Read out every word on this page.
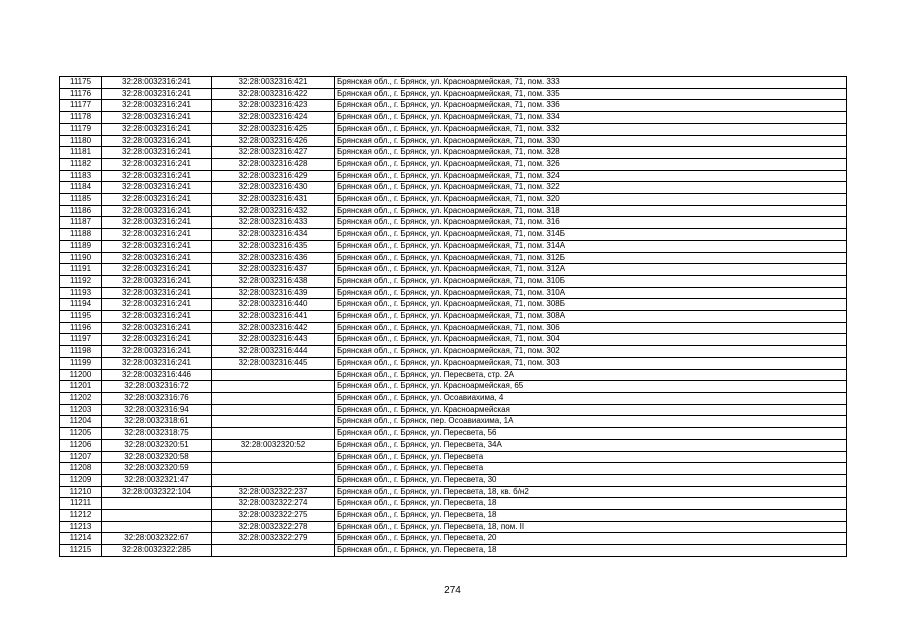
11175	32:28:0032316:241	32:28:0032316:421	Брянская обл., г. Брянск, ул. Красноармейская, 71, пом. 333
11176	32:28:0032316:241	32:28:0032316:422	Брянская обл., г. Брянск, ул. Красноармейская, 71, пом. 335
11177	32:28:0032316:241	32:28:0032316:423	Брянская обл., г. Брянск, ул. Красноармейская, 71, пом. 336
11178	32:28:0032316:241	32:28:0032316:424	Брянская обл., г. Брянск, ул. Красноармейская, 71, пом. 334
11179	32:28:0032316:241	32:28:0032316:425	Брянская обл., г. Брянск, ул. Красноармейская, 71, пом. 332
11180	32:28:0032316:241	32:28:0032316:426	Брянская обл., г. Брянск, ул. Красноармейская, 71, пом. 330
11181	32:28:0032316:241	32:28:0032316:427	Брянская обл., г. Брянск, ул. Красноармейская, 71, пом. 328
11182	32:28:0032316:241	32:28:0032316:428	Брянская обл., г. Брянск, ул. Красноармейская, 71, пом. 326
11183	32:28:0032316:241	32:28:0032316:429	Брянская обл., г. Брянск, ул. Красноармейская, 71, пом. 324
11184	32:28:0032316:241	32:28:0032316:430	Брянская обл., г. Брянск, ул. Красноармейская, 71, пом. 322
11185	32:28:0032316:241	32:28:0032316:431	Брянская обл., г. Брянск, ул. Красноармейская, 71, пом. 320
11186	32:28:0032316:241	32:28:0032316:432	Брянская обл., г. Брянск, ул. Красноармейская, 71, пом. 318
11187	32:28:0032316:241	32:28:0032316:433	Брянская обл., г. Брянск, ул. Красноармейская, 71, пом. 316
11188	32:28:0032316:241	32:28:0032316:434	Брянская обл., г. Брянск, ул. Красноармейская, 71, пом. 314Б
11189	32:28:0032316:241	32:28:0032316:435	Брянская обл., г. Брянск, ул. Красноармейская, 71, пом. 314А
11190	32:28:0032316:241	32:28:0032316:436	Брянская обл., г. Брянск, ул. Красноармейская, 71, пом. 312Б
11191	32:28:0032316:241	32:28:0032316:437	Брянская обл., г. Брянск, ул. Красноармейская, 71, пом. 312А
11192	32:28:0032316:241	32:28:0032316:438	Брянская обл., г. Брянск, ул. Красноармейская, 71, пом. 310Б
11193	32:28:0032316:241	32:28:0032316:439	Брянская обл., г. Брянск, ул. Красноармейская, 71, пом. 310А
11194	32:28:0032316:241	32:28:0032316:440	Брянская обл., г. Брянск, ул. Красноармейская, 71, пом. 308Б
11195	32:28:0032316:241	32:28:0032316:441	Брянская обл., г. Брянск, ул. Красноармейская, 71, пом. 308А
11196	32:28:0032316:241	32:28:0032316:442	Брянская обл., г. Брянск, ул. Красноармейская, 71, пом. 306
11197	32:28:0032316:241	32:28:0032316:443	Брянская обл., г. Брянск, ул. Красноармейская, 71, пом. 304
11198	32:28:0032316:241	32:28:0032316:444	Брянская обл., г. Брянск, ул. Красноармейская, 71, пом. 302
11199	32:28:0032316:241	32:28:0032316:445	Брянская обл., г. Брянск, ул. Красноармейская, 71, пом. 303
11200	32:28:0032316:446		Брянская обл., г. Брянск, ул. Пересвета, стр. 2А
11201	32:28:0032316:72		Брянская обл., г. Брянск, ул. Красноармейская, 65
11202	32:28:0032316:76		Брянская обл., г. Брянск, ул. Осоавиахима, 4
11203	32:28:0032316:94		Брянская обл., г. Брянск, ул. Красноармейская
11204	32:28:0032318:61		Брянская обл., г. Брянск, пер. Осоавиахима, 1А
11205	32:28:0032318:75		Брянская обл., г. Брянск, ул. Пересвета, 56
11206	32:28:0032320:51	32:28:0032320:52	Брянская обл., г. Брянск, ул. Пересвета, 34А
11207	32:28:0032320:58		Брянская обл., г. Брянск, ул. Пересвета
11208	32:28:0032320:59		Брянская обл., г. Брянск, ул. Пересвета
11209	32:28:0032321:47		Брянская обл., г. Брянск, ул. Пересвета, 30
11210	32:28:0032322:104	32:28:0032322:237	Брянская обл., г. Брянск, ул. Пересвета, 18, кв. б/н2
11211		32:28:0032322:274	Брянская обл., г. Брянск, ул. Пересвета, 18
11212		32:28:0032322:275	Брянская обл., г. Брянск, ул. Пересвета, 18
11213		32:28:0032322:278	Брянская обл., г. Брянск, ул. Пересвета, 18, пом. II
11214	32:28:0032322:67	32:28:0032322:279	Брянская обл., г. Брянск, ул. Пересвета, 20
11215	32:28:0032322:285		Брянская обл., г. Брянск, ул. Пересвета, 18
274
